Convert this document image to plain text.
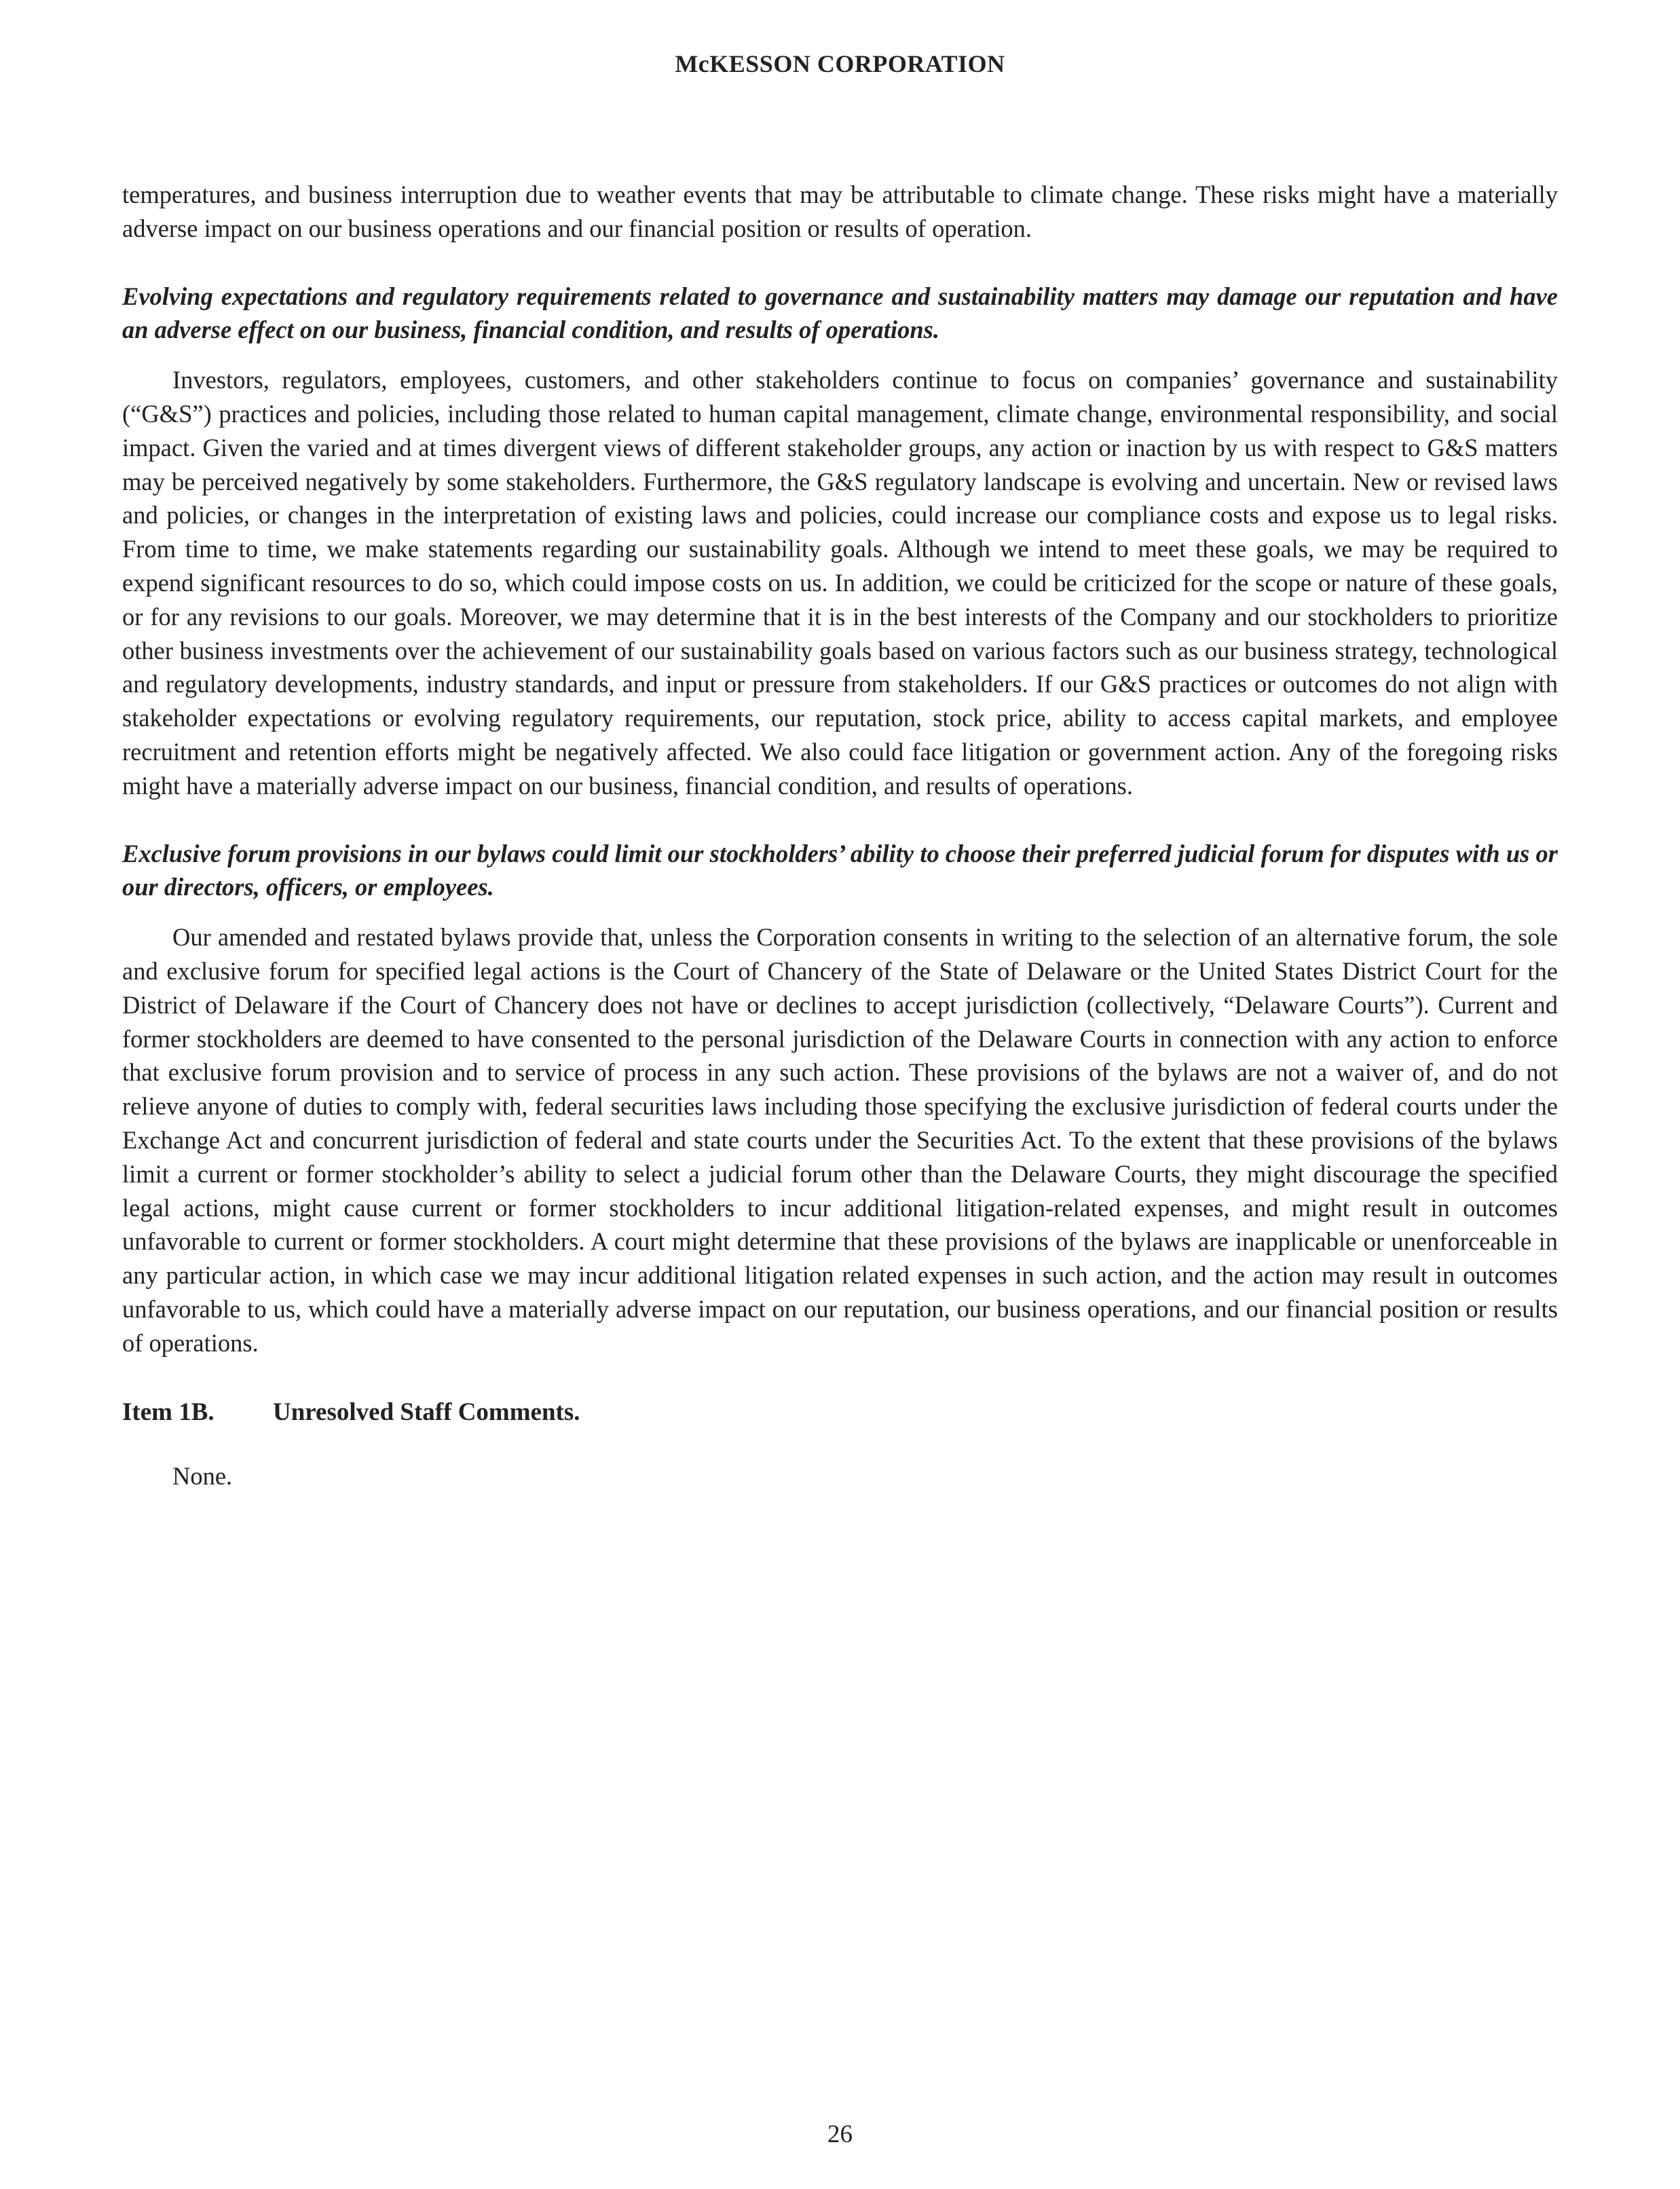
McKESSON CORPORATION

temperatures, and business interruption due to weather events that may be attributable to climate change. These risks might have a materially adverse impact on our business operations and our financial position or results of operation.

Evolving expectations and regulatory requirements related to governance and sustainability matters may damage our reputation and have an adverse effect on our business, financial condition, and results of operations.

Investors, regulators, employees, customers, and other stakeholders continue to focus on companies’ governance and sustainability (“G&S”) practices and policies, including those related to human capital management, climate change, environmental responsibility, and social impact. Given the varied and at times divergent views of different stakeholder groups, any action or inaction by us with respect to G&S matters may be perceived negatively by some stakeholders. Furthermore, the G&S regulatory landscape is evolving and uncertain. New or revised laws and policies, or changes in the interpretation of existing laws and policies, could increase our compliance costs and expose us to legal risks. From time to time, we make statements regarding our sustainability goals. Although we intend to meet these goals, we may be required to expend significant resources to do so, which could impose costs on us. In addition, we could be criticized for the scope or nature of these goals, or for any revisions to our goals. Moreover, we may determine that it is in the best interests of the Company and our stockholders to prioritize other business investments over the achievement of our sustainability goals based on various factors such as our business strategy, technological and regulatory developments, industry standards, and input or pressure from stakeholders. If our G&S practices or outcomes do not align with stakeholder expectations or evolving regulatory requirements, our reputation, stock price, ability to access capital markets, and employee recruitment and retention efforts might be negatively affected. We also could face litigation or government action. Any of the foregoing risks might have a materially adverse impact on our business, financial condition, and results of operations.

Exclusive forum provisions in our bylaws could limit our stockholders’ ability to choose their preferred judicial forum for disputes with us or our directors, officers, or employees.

Our amended and restated bylaws provide that, unless the Corporation consents in writing to the selection of an alternative forum, the sole and exclusive forum for specified legal actions is the Court of Chancery of the State of Delaware or the United States District Court for the District of Delaware if the Court of Chancery does not have or declines to accept jurisdiction (collectively, “Delaware Courts”). Current and former stockholders are deemed to have consented to the personal jurisdiction of the Delaware Courts in connection with any action to enforce that exclusive forum provision and to service of process in any such action. These provisions of the bylaws are not a waiver of, and do not relieve anyone of duties to comply with, federal securities laws including those specifying the exclusive jurisdiction of federal courts under the Exchange Act and concurrent jurisdiction of federal and state courts under the Securities Act. To the extent that these provisions of the bylaws limit a current or former stockholder’s ability to select a judicial forum other than the Delaware Courts, they might discourage the specified legal actions, might cause current or former stockholders to incur additional litigation-related expenses, and might result in outcomes unfavorable to current or former stockholders. A court might determine that these provisions of the bylaws are inapplicable or unenforceable in any particular action, in which case we may incur additional litigation related expenses in such action, and the action may result in outcomes unfavorable to us, which could have a materially adverse impact on our reputation, our business operations, and our financial position or results of operations.

Item 1B. Unresolved Staff Comments.

None.

26
